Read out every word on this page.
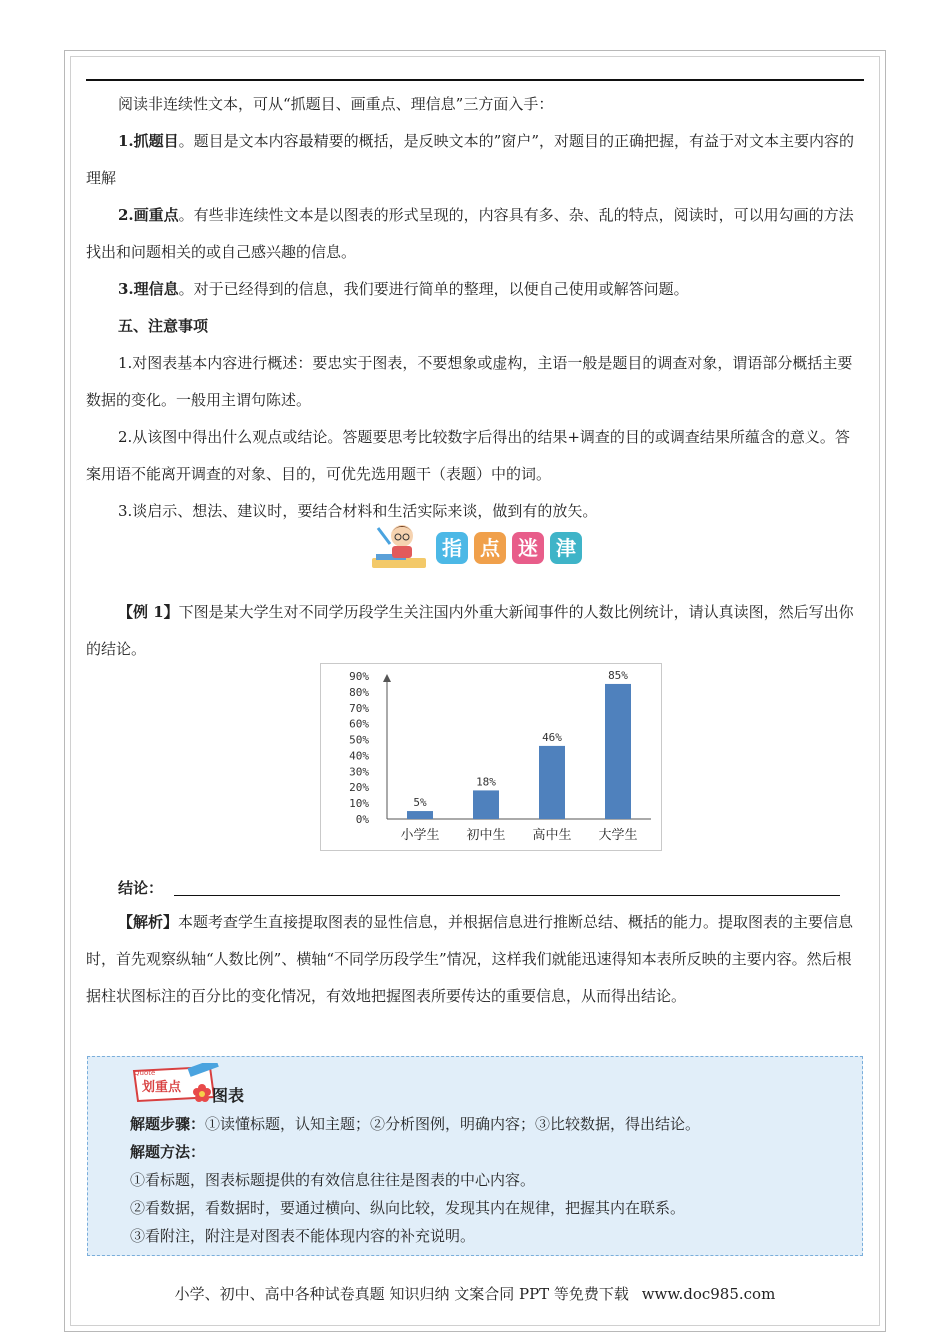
阅读非连续性文本，可从“抓题目、画重点、理信息”三方面入手：

1.抓题目。题目是文本内容最精要的概括，是反映文本的”窗户”，对题目的正确把握，有益于对文本主要内容的理解

2.画重点。有些非连续性文本是以图表的形式呈现的，内容具有多、杂、乱的特点，阅读时，可以用勾画的方法找出和问题相关的或自己感兴趣的信息。

3.理信息。对于已经得到的信息，我们要进行简单的整理，以便自己使用或解答问题。

五、注意事项

1.对图表基本内容进行概述：要忠实于图表，不要想象或虚构，主语一般是题目的调查对象，谓语部分概括主要数据的变化。一般用主谓句陈述。

2.从该图中得出什么观点或结论。答题要思考比较数字后得出的结果+调查的目的或调查结果所蕴含的意义。答案用语不能离开调查的对象、目的，可优先选用题干（表题）中的词。

3.谈启示、想法、建议时，要结合材料和生活实际来谈，做到有的放矢。

指 点 迷 津

【例 1】下图是某大学生对不同学历段学生关注国内外重大新闻事件的人数比例统计，请认真读图，然后写出你的结论。

0%
10%
20%
30%
40%
50%
60%
70%
80%
90%
5%
小学生
18%
初中生
46%
高中生
85%
大学生
结论：

【解析】本题考查学生直接提取图表的显性信息，并根据信息进行推断总结、概括的能力。提取图表的主要信息时，首先观察纵轴“人数比例”、横轴“不同学历段学生”情况，这样我们就能迅速得知本表所反映的主要内容。然后根据柱状图标注的百分比的变化情况，有效地把握图表所要传达的重要信息，从而得出结论。

Quote
划重点 图表
解题步骤：①读懂标题，认知主题；②分析图例，明确内容；③比较数据，得出结论。
解题方法：
①看标题，图表标题提供的有效信息往往是图表的中心内容。
②看数据，看数据时，要通过横向、纵向比较，发现其内在规律，把握其内在联系。
③看附注，附注是对图表不能体现内容的补充说明。
小学、初中、高中各种试卷真题 知识归纳 文案合同 PPT 等免费下载 www.doc985.com
